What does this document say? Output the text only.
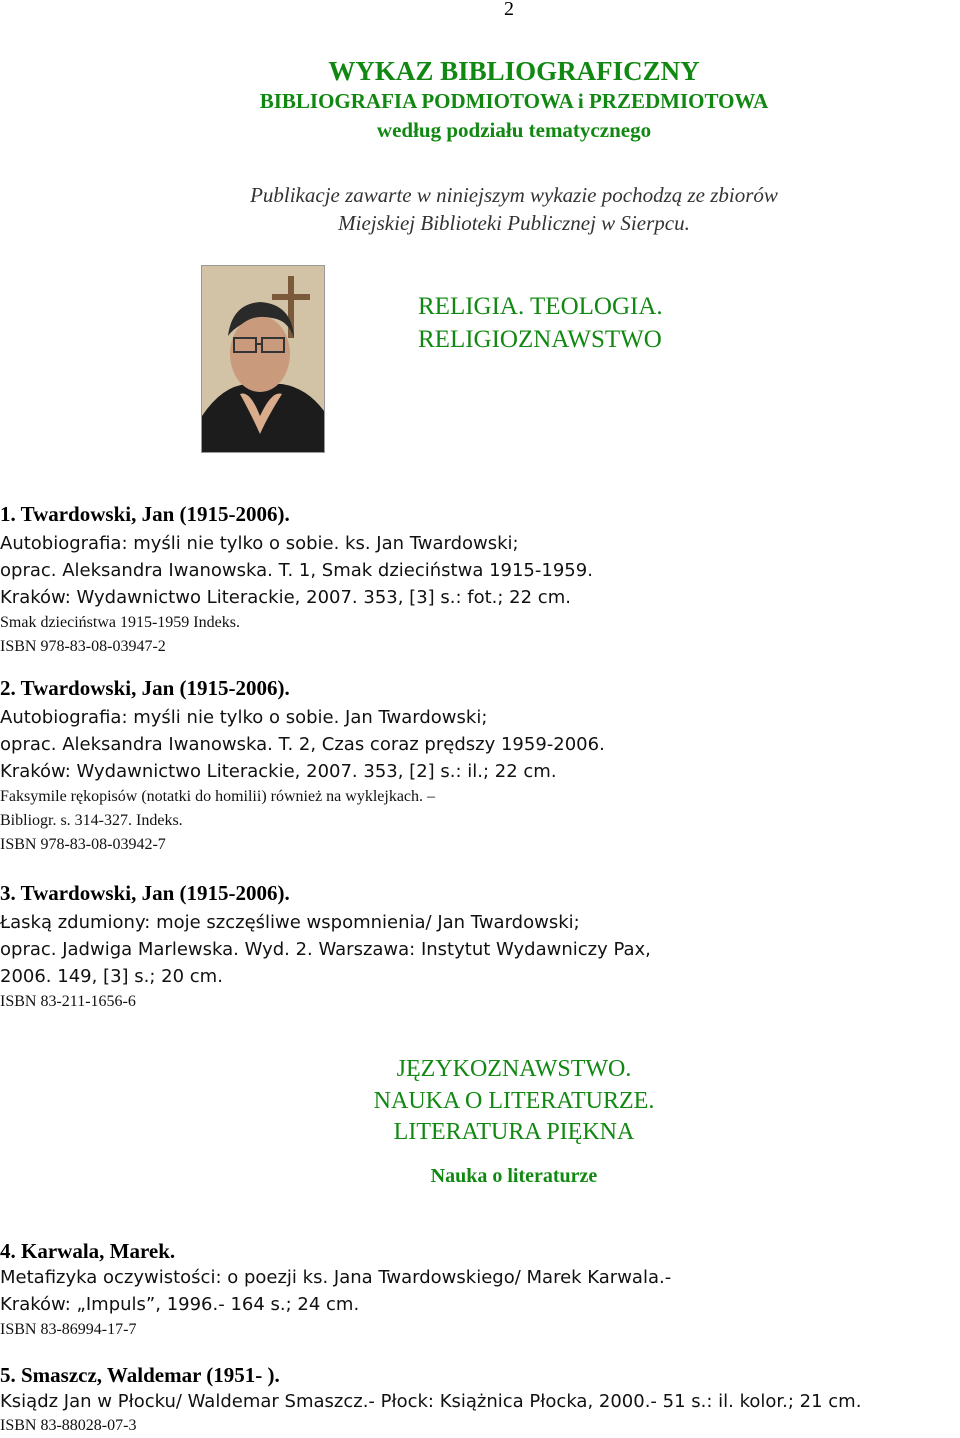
2
WYKAZ BIBLIOGRAFICZNY
BIBLIOGRAFIA PODMIOTOWA i PRZEDMIOTOWA
według podziału tematycznego
Publikacje zawarte w niniejszym wykazie pochodzą ze zbiorów
Miejskiej Biblioteki Publicznej w Sierpcu.
RELIGIA. TEOLOGIA.
RELIGIOZNAWSTWO
1. Twardowski, Jan (1915-2006).
Autobiografia: myśli nie tylko o sobie. ks. Jan Twardowski;
oprac. Aleksandra Iwanowska. T. 1, Smak dzieciństwa 1915-1959.
Kraków: Wydawnictwo Literackie, 2007. 353, [3] s.: fot.; 22 cm.
Smak dzieciństwa 1915-1959 Indeks.
ISBN 978-83-08-03947-2
2. Twardowski, Jan (1915-2006).
Autobiografia: myśli nie tylko o sobie. Jan Twardowski;
oprac. Aleksandra Iwanowska. T. 2, Czas coraz prędszy 1959-2006.
Kraków: Wydawnictwo Literackie, 2007. 353, [2] s.: il.; 22 cm.
Faksymile rękopisów (notatki do homilii) również na wyklejkach. –
Bibliogr. s. 314-327. Indeks.
ISBN 978-83-08-03942-7
3. Twardowski, Jan (1915-2006).
Łaską zdumiony: moje szczęśliwe wspomnienia/ Jan Twardowski;
oprac. Jadwiga Marlewska. Wyd. 2. Warszawa: Instytut Wydawniczy Pax,
2006. 149, [3] s.; 20 cm.
ISBN 83-211-1656-6
JĘZYKOZNAWSTWO.
NAUKA O LITERATURZE.
LITERATURA PIĘKNA
Nauka o literaturze
4. Karwala, Marek.
Metafizyka oczywistości: o poezji ks. Jana Twardowskiego/ Marek Karwala.-
Kraków: „Impuls”, 1996.- 164 s.; 24 cm.
ISBN 83-86994-17-7
5. Smaszcz, Waldemar (1951- ).
Ksiądz Jan w Płocku/ Waldemar Smaszcz.- Płock: Książnica Płocka, 2000.- 51 s.: il. kolor.; 21 cm.
ISBN 83-88028-07-3
